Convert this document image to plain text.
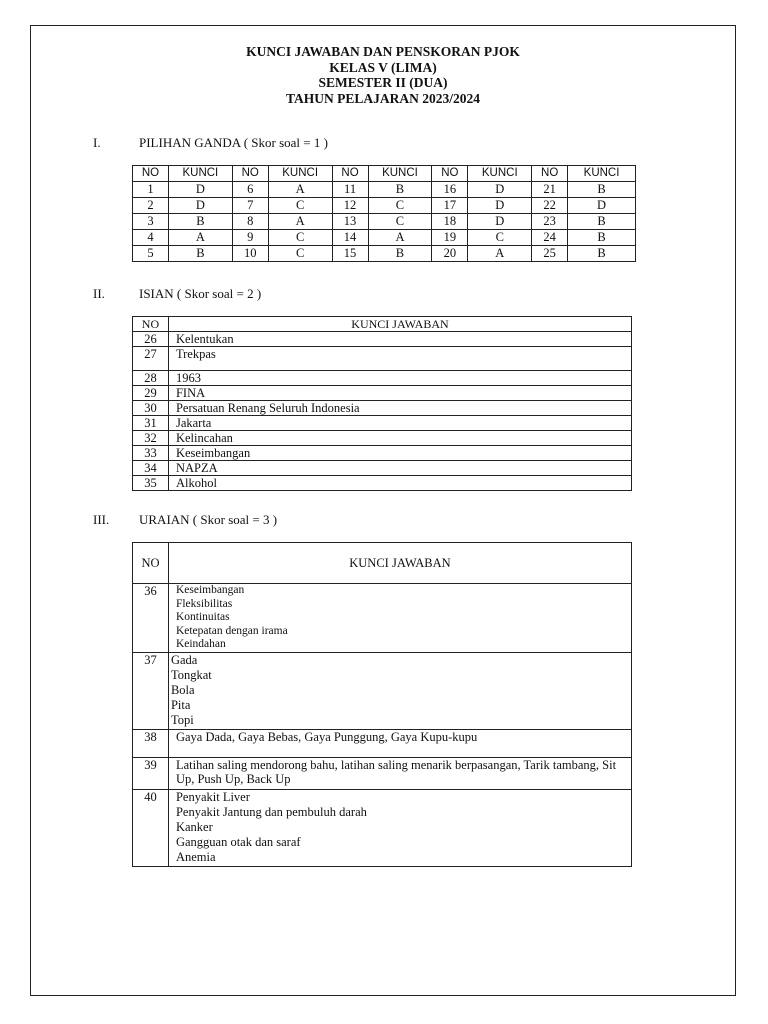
KUNCI JAWABAN DAN PENSKORAN PJOK
KELAS V (LIMA)
SEMESTER II (DUA)
TAHUN PELAJARAN 2023/2024
I.	PILIHAN GANDA ( Skor soal = 1 )
NO	KUNCI	NO	KUNCI	NO	KUNCI	NO	KUNCI	NO	KUNCI
1	D	6	A	11	B	16	D	21	B
2	D	7	C	12	C	17	D	22	D
3	B	8	A	13	C	18	D	23	B
4	A	9	C	14	A	19	C	24	B
5	B	10	C	15	B	20	A	25	B
II.	ISIAN ( Skor soal = 2 )
NO	KUNCI JAWABAN
26	Kelentukan
27	Trekpas
28	1963
29	FINA
30	Persatuan Renang Seluruh Indonesia
31	Jakarta
32	Kelincahan
33	Keseimbangan
34	NAPZA
35	Alkohol
III. URAIAN ( Skor soal = 3 )
NO	KUNCI JAWABAN
36	Keseimbangan
Fleksibilitas
Kontinuitas
Ketepatan dengan irama
Keindahan

37	Gada
Tongkat
Bola
Pita
Topi

38	Gaya Dada, Gaya Bebas, Gaya Punggung, Gaya Kupu-kupu

39	Latihan saling mendorong bahu, latihan saling menarik berpasangan, Tarik tambang, Sit Up, Push Up, Back Up

40	Penyakit Liver
Penyakit Jantung dan pembuluh darah
Kanker
Gangguan otak dan saraf
Anemia
